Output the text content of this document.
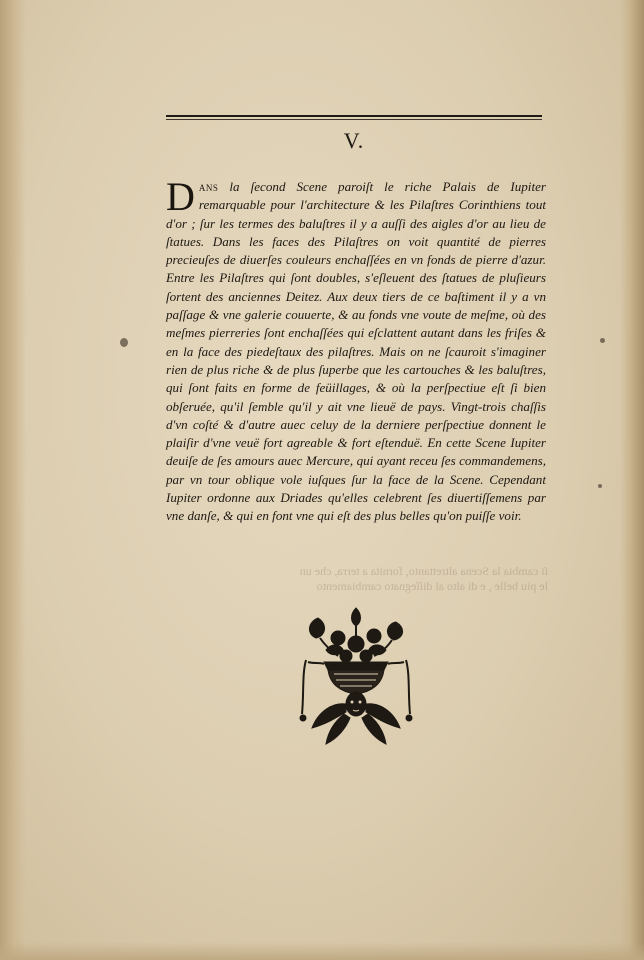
V.
Dans la ſecond Scene paroiſt le riche Palais de Iupiter remarquable pour l'architecture & les Pilaſtres Corinthiens tout d'or ; ſur les termes des baluſtres il y a auſſi des aigles d'or au lieu de ſtatues. Dans les faces des Pilaſtres on voit quantité de pierres precieuſes de diuerſes couleurs enchaſſées en vn fonds de pierre d'azur. Entre les Pilaſtres qui ſont doubles, s'eſleuent des ſtatues de pluſieurs ſortent des anciennes Deitez. Aux deux tiers de ce baſtiment il y a vn paſſage & vne galerie couuerte, & au fonds vne voute de meſme, où des meſmes pierreries ſont enchaſſées qui eſclattent autant dans les friſes & en la face des piedeſtaux des pilaſtres. Mais on ne ſcauroit s'imaginer rien de plus riche & de plus ſuperbe que les cartouches & les baluſtres, qui ſont faits en forme de feüillages, & où la perſpectiue eſt ſi bien obſeruée, qu'il ſemble qu'il y ait vne lieuë de pays. Vingt-trois chaſſis d'vn coſté & d'autre auec celuy de la derniere perſpectiue donnent le plaiſir d'vne veuë fort agreable & fort eſtenduë. En cette Scene Iupiter deuiſe de ſes amours auec Mercure, qui ayant receu ſes commandemens, par vn tour oblique vole iuſques ſur la face de la Scene. Cependant Iupiter ordonne aux Driades qu'elles celebrent ſes diuertiſſemens par vne danſe, & qui en font vne qui eſt des plus belles qu'on puiſſe voir.
ſi cambia la Scena altrettanto, fornita a terra, che un
le piu belle , e di alto al diſſegnato cambiamento
